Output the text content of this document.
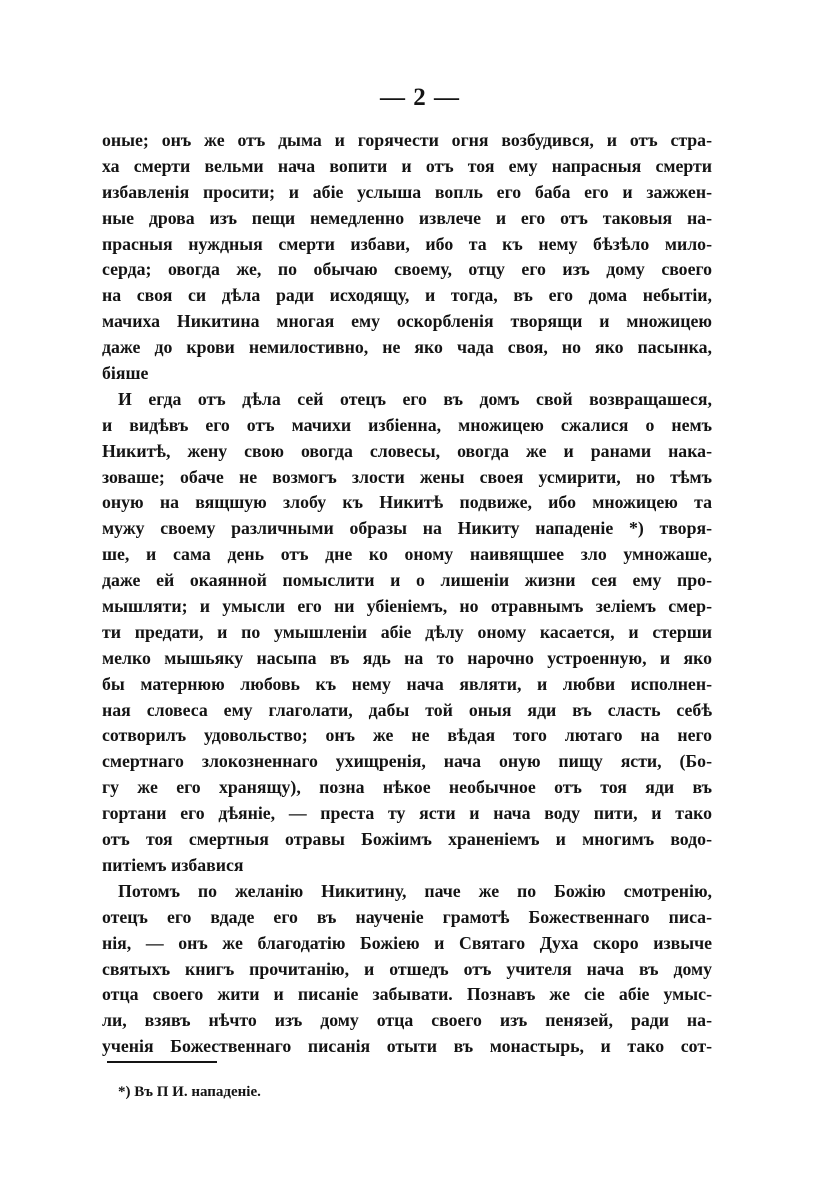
— 2 —
оные; онъ же отъ дыма и горячести огня возбудився, и отъ стра-
ха смерти вельми нача вопити и отъ тоя ему напрасныя смерти
избавленія просити; и абіе услыша вопль его баба его и зажжен-
ные дрова изъ пещи немедленно извлече и его отъ таковыя на-
прасныя нуждныя смерти избави, ибо та къ нему бѣзѣло мило-
серда; овогда же, по обычаю своему, отцу его изъ дому своего
на своя си дѣла ради исходящу, и тогда, въ его дома небытіи,
мачиха Никитина многая ему оскорбленія творящи и множицею
даже до крови немилостивно, не яко чада своя, но яко пасынка,
біяше
И егда отъ дѣла сей отецъ его въ домъ свой возвращашеся,
и видѣвъ его отъ мачихи избіенна, множицею сжалися о немъ
Никитѣ, жену свою овогда словесы, овогда же и ранами нака-
зоваше; обаче не возмогъ злости жены своея усмирити, но тѣмъ
оную на вящшую злобу къ Никитѣ подвиже, ибо множицею та
мужу своему различными образы на Никиту нападеніе *) творя-
ше, и сама день отъ дне ко оному наивящшее зло умножаше,
даже ей окаянной помыслити и о лишеніи жизни сея ему про-
мышляти; и умысли его ни убіеніемъ, но отравнымъ зеліемъ смер-
ти предати, и по умышленіи абіе дѣлу оному касается, и стерши
мелко мышьяку насыпа въ ядь на то нарочно устроенную, и яко
бы матернюю любовь къ нему нача являти, и любви исполнен-
ная словеса ему глаголати, дабы той оныя яди въ сласть себѣ
сотворилъ удовольство; онъ же не вѣдая того лютаго на него
смертнаго злокозненнаго ухищренія, нача оную пищу ясти, (Бо-
гу же его хранящу), позна нѣкое необычное отъ тоя яди въ
гортани его дѣяніе, — преста ту ясти и нача воду пити, и тако
отъ тоя смертныя отравы Божіимъ храненіемъ и многимъ водо-
питіемъ избавися
Потомъ по желанію Никитину, паче же по Божію смотренію,
отецъ его вдаде его въ наученіе грамотѣ Божественнаго писа-
нія, — онъ же благодатію Божіею и Святаго Духа скоро извыче
святыхъ книгъ прочитанію, и отшедъ отъ учителя нача въ дому
отца своего жити и писаніе забывати. Познавъ же сіе абіе умыс-
ли, взявъ нѣчто изъ дому отца своего изъ пенязей, ради на-
ученія Божественнаго писанія отыти въ монастырь, и тако сот-
*) Въ П И. нападеніе.
